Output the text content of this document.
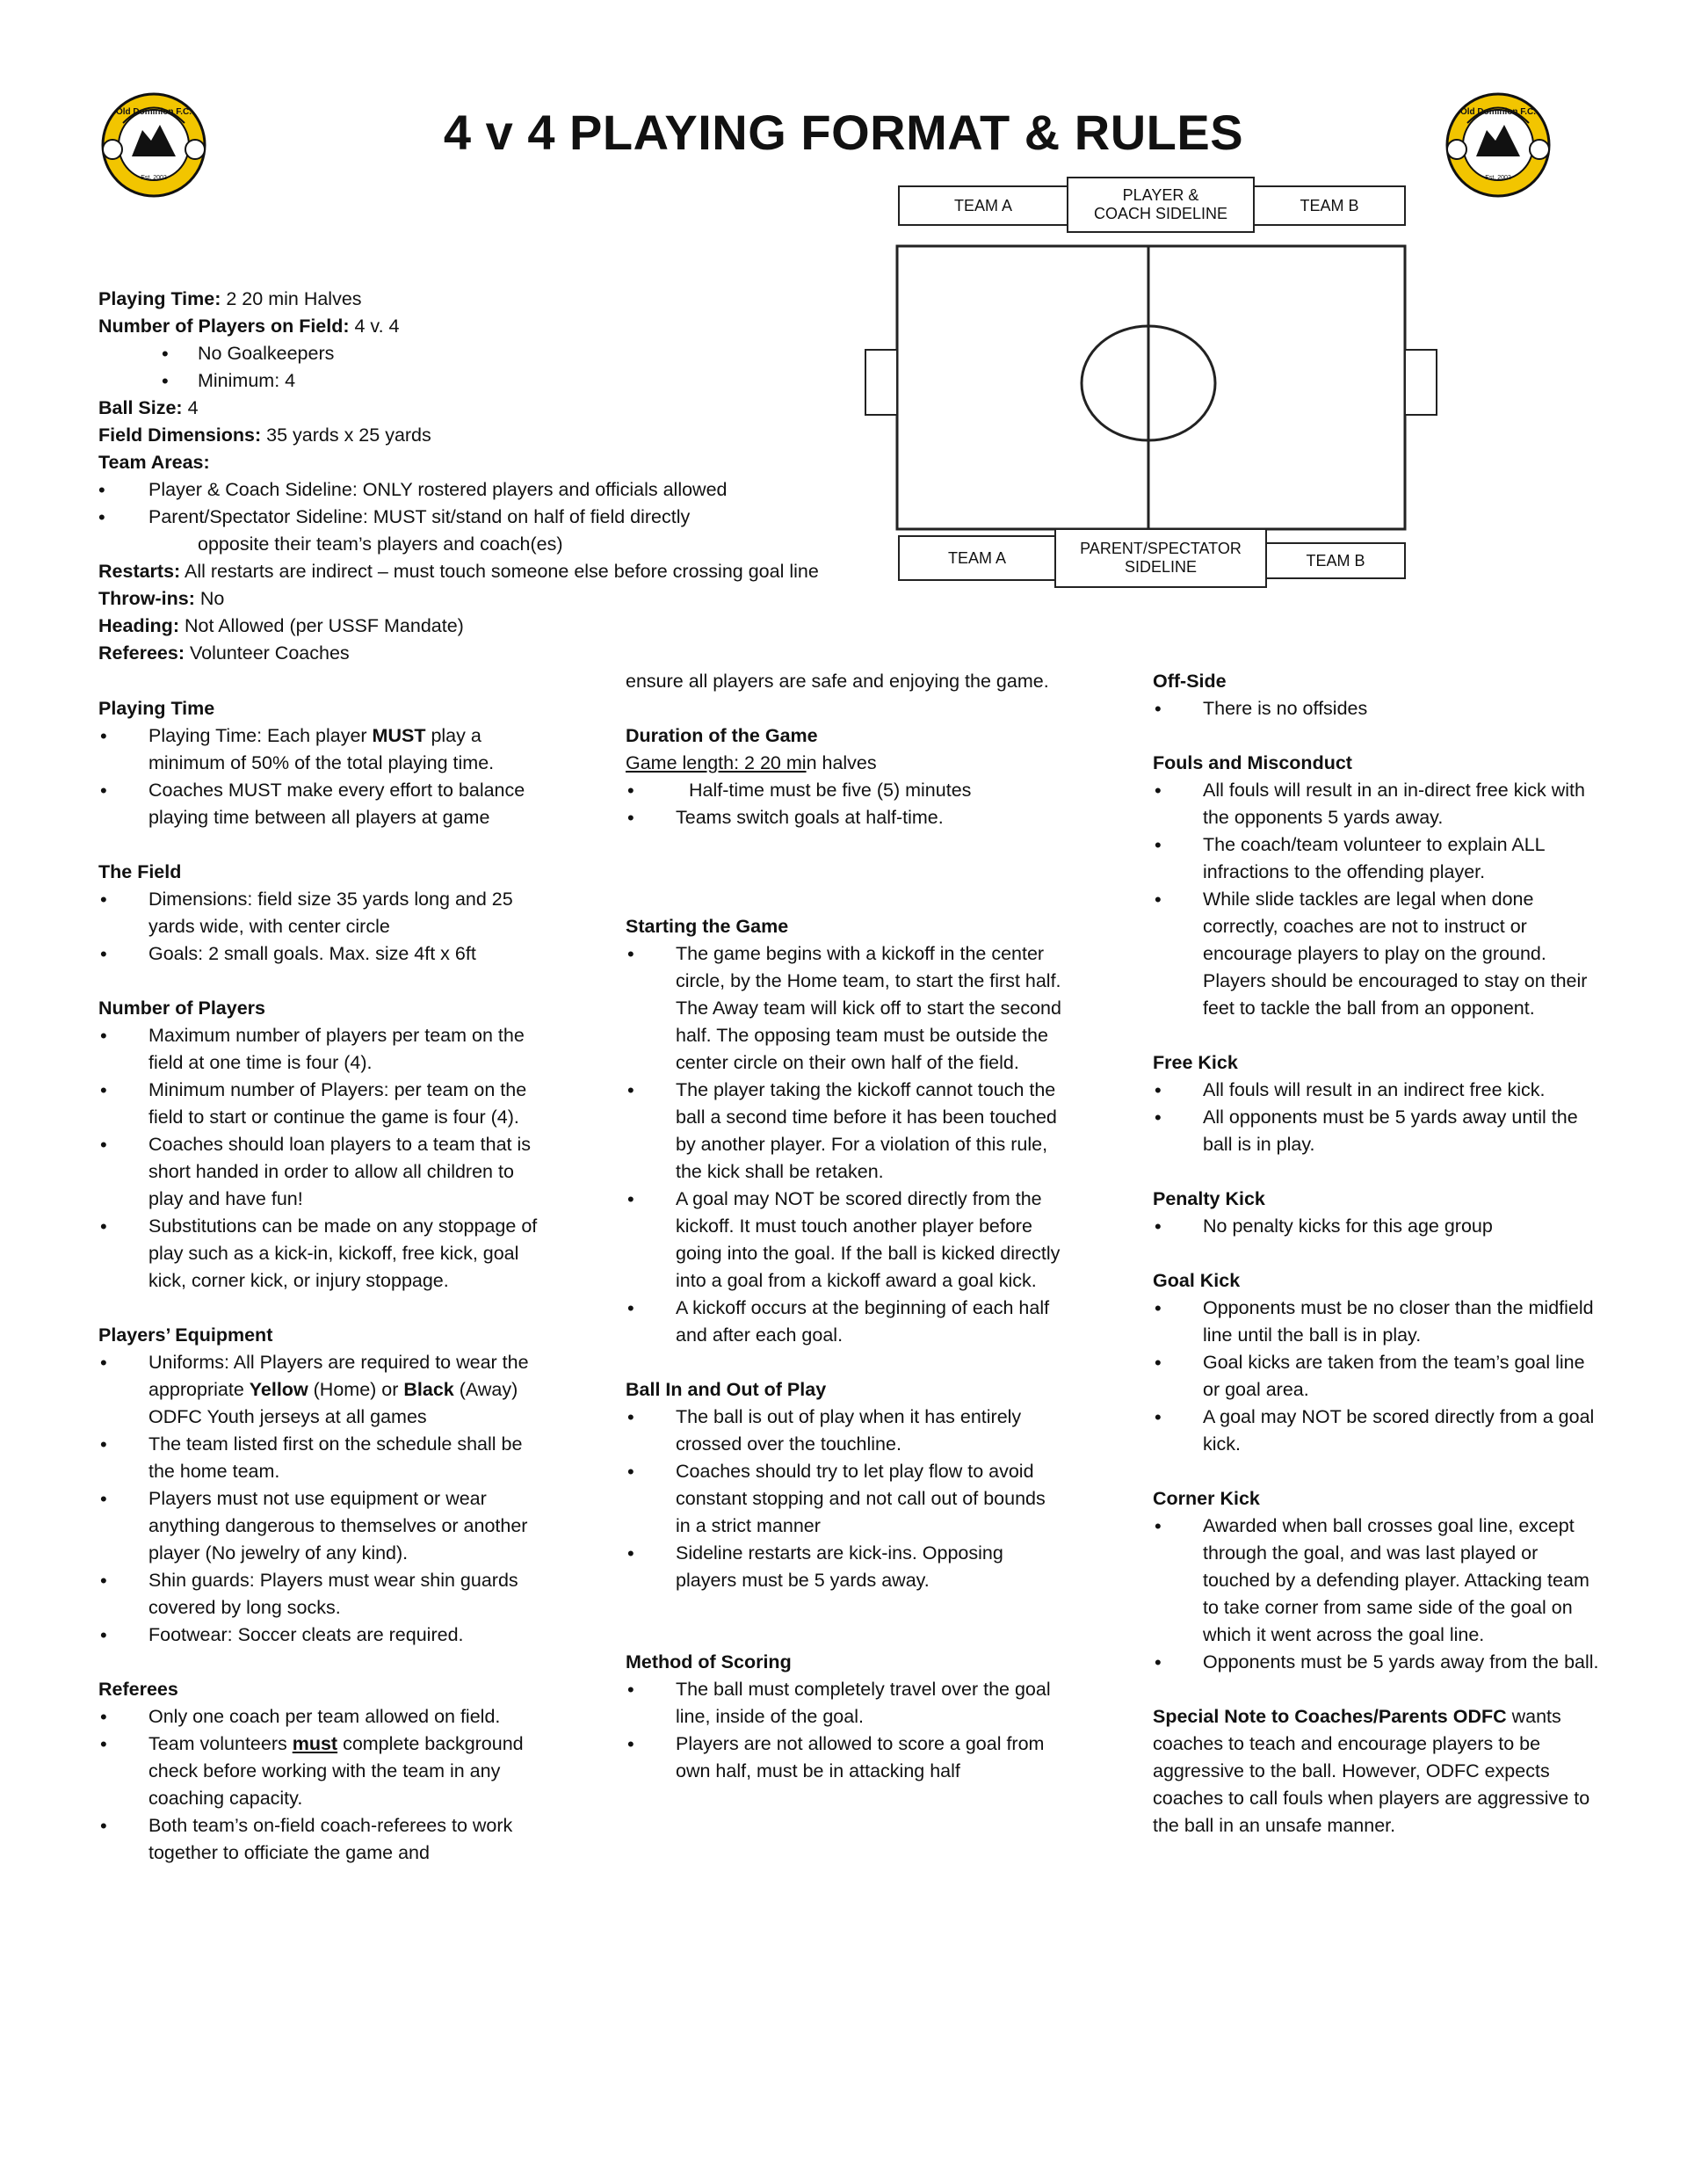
Old Dominion F.C.
Est. 2002
Old Dominion F.C.
Est. 2002
4 v 4 PLAYING FORMAT & RULES
TEAM A
PLAYER &
COACH SIDELINE	TEAM B
TEAM A
PARENT/SPECTATOR
SIDELINE	TEAM B
Playing Time: 2 20 min Halves
Number of Players on Field: 4 v. 4
• No Goalkeepers
• Minimum: 4
Ball Size: 4
Field Dimensions: 35 yards x 25 yards
Team Areas:
• Player & Coach Sideline: ONLY rostered players and officials allowed
• Parent/Spectator Sideline: MUST sit/stand on half of field directly
opposite their team’s players and coach(es)
Restarts: All restarts are indirect – must touch someone else before crossing goal line
Throw-ins: No
Heading: Not Allowed (per USSF Mandate)
Referees: Volunteer Coaches
Playing Time
• Playing Time: Each player MUST play a minimum of 50% of the total playing time.
• Coaches MUST make every effort to balance playing time between all players at game
The Field
• Dimensions: field size 35 yards long and 25 yards wide, with center circle
• Goals: 2 small goals. Max. size 4ft x 6ft
Number of Players
• Maximum number of players per team on the field at one time is four (4).
• Minimum number of Players: per team on the field to start or continue the game is four (4).
• Coaches should loan players to a team that is short handed in order to allow all children to play and have fun!
• Substitutions can be made on any stoppage of play such as a kick-in, kickoff, free kick, goal kick, corner kick, or injury stoppage.
Players’ Equipment
• Uniforms: All Players are required to wear the appropriate Yellow (Home) or Black (Away) ODFC Youth jerseys at all games
• The team listed first on the schedule shall be the home team.
• Players must not use equipment or wear anything dangerous to themselves or another player (No jewelry of any kind).
• Shin guards: Players must wear shin guards covered by long socks.
• Footwear: Soccer cleats are required.
Referees
• Only one coach per team allowed on field.
• Team volunteers must complete background check before working with the team in any coaching capacity.
• Both team’s on-field coach-referees to work together to officiate the game and
ensure all players are safe and enjoying the game.
Duration of the Game
Game length: 2 20 min halves
• Half-time must be five (5) minutes
• Teams switch goals at half-time.
Starting the Game
• The game begins with a kickoff in the center circle, by the Home team, to start the first half. The Away team will kick off to start the second half. The opposing team must be outside the center circle on their own half of the field.
• The player taking the kickoff cannot touch the ball a second time before it has been touched by another player. For a violation of this rule, the kick shall be retaken.
• A goal may NOT be scored directly from the kickoff. It must touch another player before going into the goal. If the ball is kicked directly into a goal from a kickoff award a goal kick.
• A kickoff occurs at the beginning of each half and after each goal.
Ball In and Out of Play
• The ball is out of play when it has entirely crossed over the touchline.
• Coaches should try to let play flow to avoid constant stopping and not call out of bounds in a strict manner
• Sideline restarts are kick-ins. Opposing players must be 5 yards away.
Method of Scoring
• The ball must completely travel over the goal line, inside of the goal.
• Players are not allowed to score a goal from own half, must be in attacking half
Off-Side
• There is no offsides
Fouls and Misconduct
• All fouls will result in an in-direct free kick with the opponents 5 yards away.
• The coach/team volunteer to explain ALL infractions to the offending player.
• While slide tackles are legal when done correctly, coaches are not to instruct or encourage players to play on the ground. Players should be encouraged to stay on their feet to tackle the ball from an opponent.
Free Kick
• All fouls will result in an indirect free kick.
• All opponents must be 5 yards away until the ball is in play.
Penalty Kick
• No penalty kicks for this age group
Goal Kick
• Opponents must be no closer than the midfield line until the ball is in play.
• Goal kicks are taken from the team’s goal line or goal area.
• A goal may NOT be scored directly from a goal kick.
Corner Kick
• Awarded when ball crosses goal line, except through the goal, and was last played or touched by a defending player. Attacking team to take corner from same side of the goal on which it went across the goal line.
• Opponents must be 5 yards away from the ball.
Special Note to Coaches/Parents ODFC wants coaches to teach and encourage players to be aggressive to the ball. However, ODFC expects coaches to call fouls when players are aggressive to the ball in an unsafe manner.
